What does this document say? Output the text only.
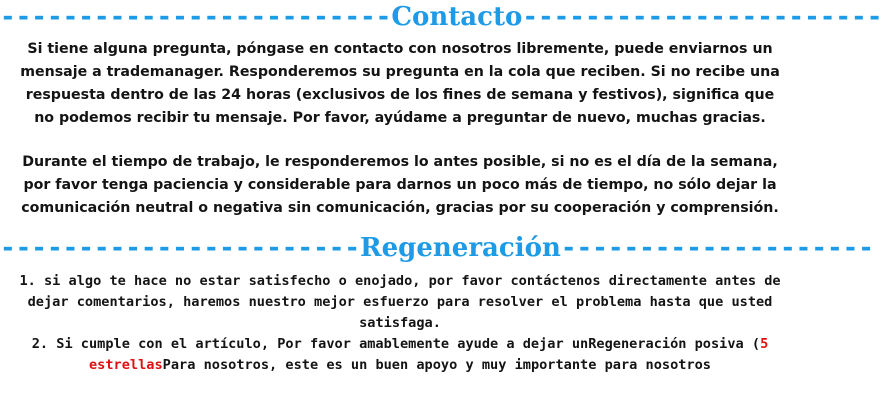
-------------------------Contacto-----------------------
Si tiene alguna pregunta, póngase en contacto con nosotros libremente, puede enviarnos un mensaje a trademanager. Responderemos su pregunta en la cola que reciben. Si no recibe una respuesta dentro de las 24 horas (exclusivos de los fines de semana y festivos), significa que no podemos recibir tu mensaje. Por favor, ayúdame a preguntar de nuevo, muchas gracias.
Durante el tiempo de trabajo, le responderemos lo antes posible, si no es el día de la semana, por favor tenga paciencia y considerable para darnos un poco más de tiempo, no sólo dejar la comunicación neutral o negativa sin comunicación, gracias por su cooperación y comprensión.
-----------------------Regeneración--------------------
1. si algo te hace no estar satisfecho o enojado, por favor contáctenos directamente antes de dejar comentarios, haremos nuestro mejor esfuerzo para resolver el problema hasta que usted satisfaga.
2. Si cumple con el artículo, Por favor amablemente ayude a dejar unRegeneración posiva (5 estrellasPara nosotros, este es un buen apoyo y muy importante para nosotros
